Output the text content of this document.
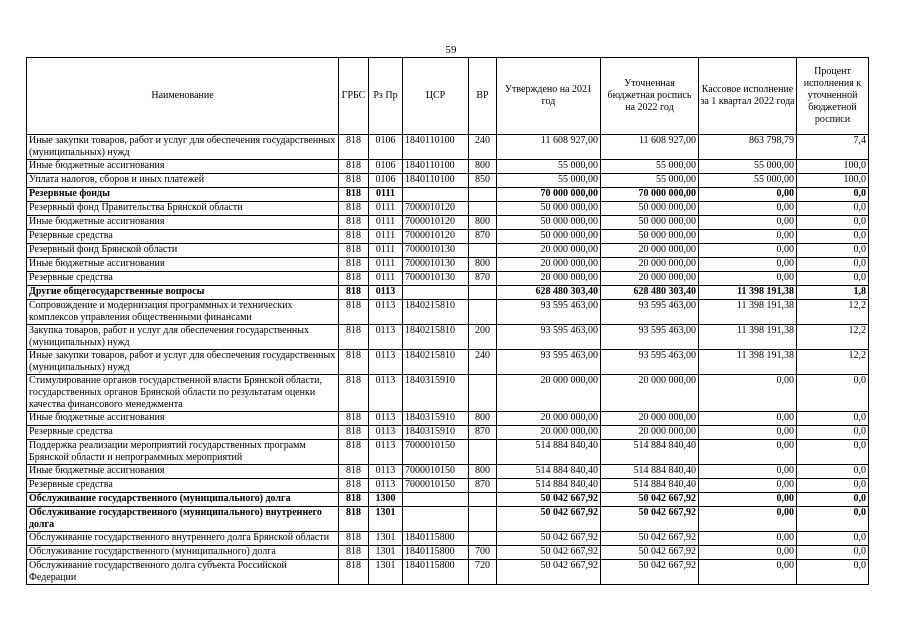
59
Наименование	ГРБС	Рз Пр	ЦСР	ВР	Утверждено на 2021 год	Уточненная бюджетная роспись на 2022 год	Кассовое исполнение за 1 квартал 2022 года	Процент исполнения к уточненной бюджетной росписи
Иные закупки товаров, работ и услуг для обеспечения государственных (муниципальных) нужд	818	0106	1840110100	240	11 608 927,00	11 608 927,00	863 798,79	7,4
Иные бюджетные ассигнования	818	0106	1840110100	800	55 000,00	55 000,00	55 000,00	100,0
Уплата налогов, сборов и иных платежей	818	0106	1840110100	850	55 000,00	55 000,00	55 000,00	100,0
Резервные фонды	818	0111			70 000 000,00	70 000 000,00	0,00	0,0
Резервный фонд Правительства Брянской области	818	0111	7000010120		50 000 000,00	50 000 000,00	0,00	0,0
Иные бюджетные ассигнования	818	0111	7000010120	800	50 000 000,00	50 000 000,00	0,00	0,0
Резервные средства	818	0111	7000010120	870	50 000 000,00	50 000 000,00	0,00	0,0
Резервный фонд Брянской области	818	0111	7000010130		20 000 000,00	20 000 000,00	0,00	0,0
Иные бюджетные ассигнования	818	0111	7000010130	800	20 000 000,00	20 000 000,00	0,00	0,0
Резервные средства	818	0111	7000010130	870	20 000 000,00	20 000 000,00	0,00	0,0
Другие общегосударственные вопросы	818	0113			628 480 303,40	628 480 303,40	11 398 191,38	1,8
Сопровождение и модернизация программных и технических комплексов управления общественными финансами	818	0113	1840215810		93 595 463,00	93 595 463,00	11 398 191,38	12,2
Закупка товаров, работ и услуг для обеспечения государственных (муниципальных) нужд	818	0113	1840215810	200	93 595 463,00	93 595 463,00	11 398 191,38	12,2
Иные закупки товаров, работ и услуг для обеспечения государственных (муниципальных) нужд	818	0113	1840215810	240	93 595 463,00	93 595 463,00	11 398 191,38	12,2
Стимулирование органов государственной власти Брянской области, государственных органов Брянской области по результатам оценки качества финансового менеджмента	818	0113	1840315910		20 000 000,00	20 000 000,00	0,00	0,0
Иные бюджетные ассигнования	818	0113	1840315910	800	20 000 000,00	20 000 000,00	0,00	0,0
Резервные средства	818	0113	1840315910	870	20 000 000,00	20 000 000,00	0,00	0,0
Поддержка реализации мероприятий государственных программ Брянской области и непрограммных мероприятий	818	0113	7000010150		514 884 840,40	514 884 840,40	0,00	0,0
Иные бюджетные ассигнования	818	0113	7000010150	800	514 884 840,40	514 884 840,40	0,00	0,0
Резервные средства	818	0113	7000010150	870	514 884 840,40	514 884 840,40	0,00	0,0
Обслуживание государственного (муниципального) долга	818	1300			50 042 667,92	50 042 667,92	0,00	0,0
Обслуживание государственного (муниципального) внутреннего долга	818	1301			50 042 667,92	50 042 667,92	0,00	0,0
Обслуживание государственного внутреннего долга Брянской области	818	1301	1840115800		50 042 667,92	50 042 667,92	0,00	0,0
Обслуживание государственного (муниципального) долга	818	1301	1840115800	700	50 042 667,92	50 042 667,92	0,00	0,0
Обслуживание государственного долга субъекта Российской Федерации	818	1301	1840115800	720	50 042 667,92	50 042 667,92	0,00	0,0
